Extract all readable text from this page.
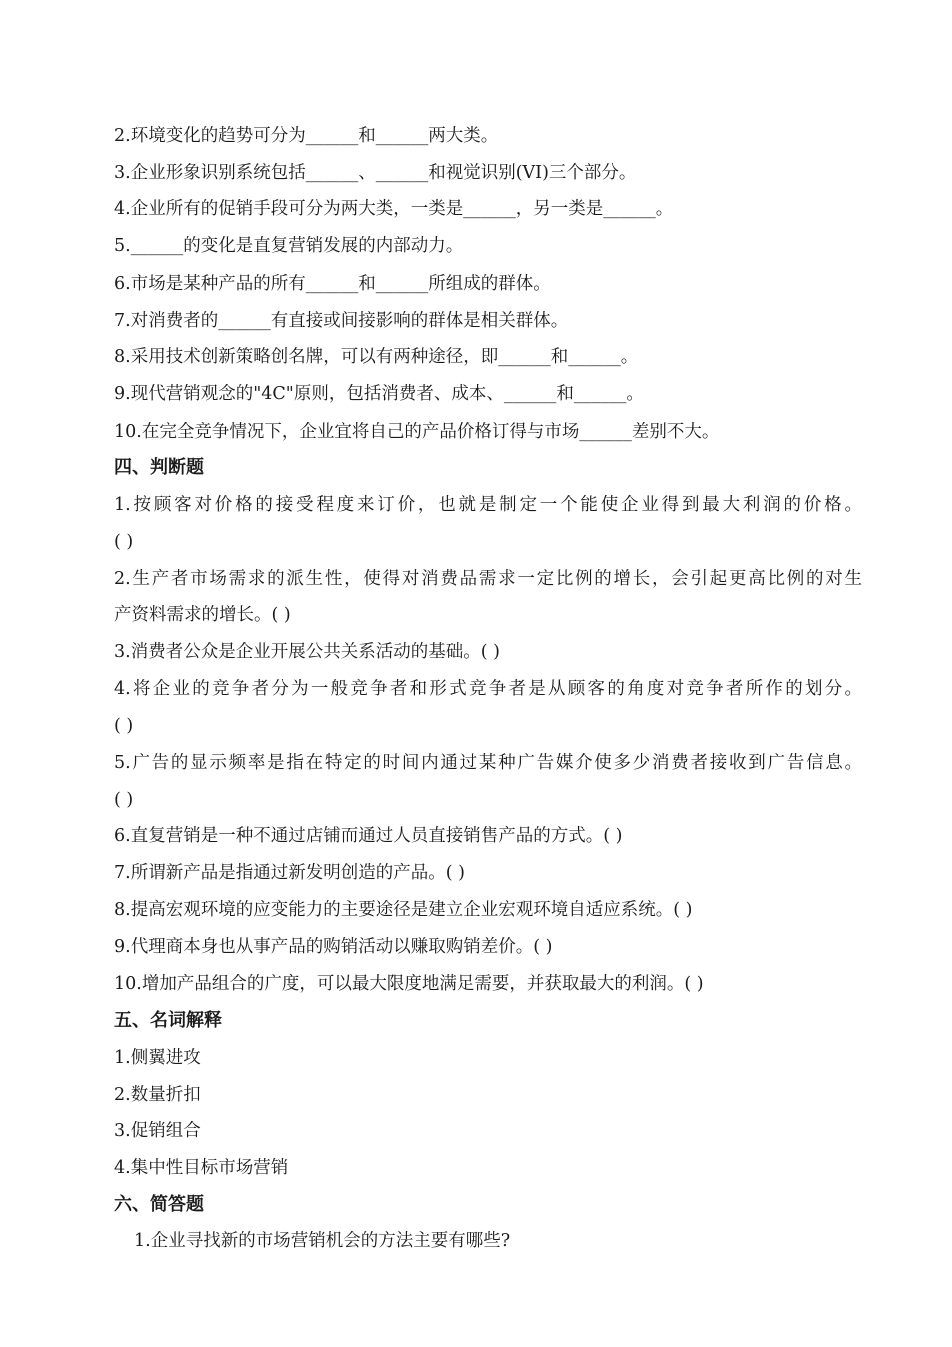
2.环境变化的趋势可分为______和______两大类。
3.企业形象识别系统包括______、______和视觉识别(VI)三个部分。
4.企业所有的促销手段可分为两大类，一类是______，另一类是______。
5.______的变化是直复营销发展的内部动力。
6.市场是某种产品的所有______和______所组成的群体。
7.对消费者的______有直接或间接影响的群体是相关群体。
8.采用技术创新策略创名牌，可以有两种途径，即______和______。
9.现代营销观念的"4C"原则，包括消费者、成本、______和______。
10.在完全竞争情况下，企业宜将自己的产品价格订得与市场______差别不大。
四、判断题
1.按顾客对价格的接受程度来订价，也就是制定一个能使企业得到最大利润的价格。
( )
2.生产者市场需求的派生性，使得对消费品需求一定比例的增长，会引起更高比例的对生
产资料需求的增长。( )
3.消费者公众是企业开展公共关系活动的基础。( )
4.将企业的竞争者分为一般竞争者和形式竞争者是从顾客的角度对竞争者所作的划分。
( )
5.广告的显示频率是指在特定的时间内通过某种广告媒介使多少消费者接收到广告信息。
( )
6.直复营销是一种不通过店铺而通过人员直接销售产品的方式。( )
7.所谓新产品是指通过新发明创造的产品。( )
8.提高宏观环境的应变能力的主要途径是建立企业宏观环境自适应系统。( )
9.代理商本身也从事产品的购销活动以赚取购销差价。( )
10.增加产品组合的广度，可以最大限度地满足需要，并获取最大的利润。( )
五、名词解释
1.侧翼进攻
2.数量折扣
3.促销组合
4.集中性目标市场营销
六、简答题
1.企业寻找新的市场营销机会的方法主要有哪些?
